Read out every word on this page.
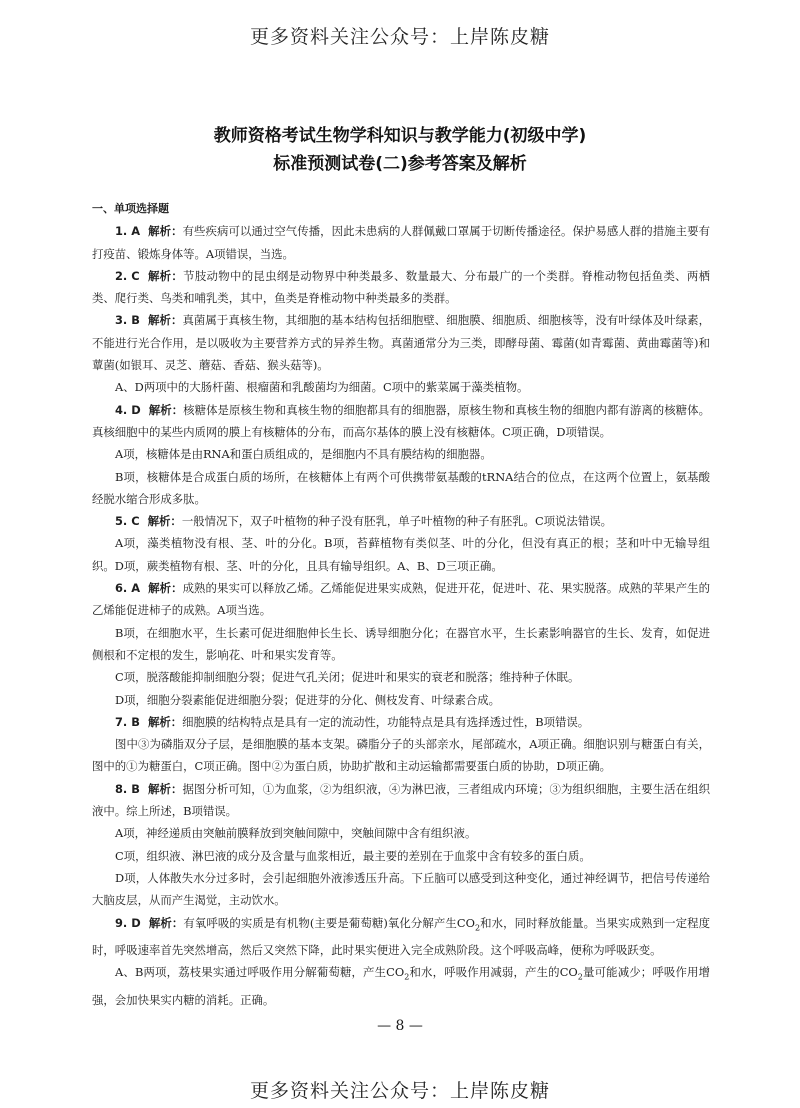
更多资料关注公众号：上岸陈皮糖
教师资格考试生物学科知识与教学能力(初级中学)
标准预测试卷(二)参考答案及解析
一、单项选择题
1. A 解析：有些疾病可以通过空气传播，因此未患病的人群佩戴口罩属于切断传播途径。保护易感人群的措施主要有打疫苗、锻炼身体等。A项错误，当选。
2. C 解析：节肢动物中的昆虫纲是动物界中种类最多、数量最大、分布最广的一个类群。脊椎动物包括鱼类、两栖类、爬行类、鸟类和哺乳类，其中，鱼类是脊椎动物中种类最多的类群。
3. B 解析：真菌属于真核生物，其细胞的基本结构包括细胞壁、细胞膜、细胞质、细胞核等，没有叶绿体及叶绿素，不能进行光合作用，是以吸收为主要营养方式的异养生物。真菌通常分为三类，即酵母菌、霉菌(如青霉菌、黄曲霉菌等)和蕈菌(如银耳、灵芝、蘑菇、香菇、猴头菇等)。
A、D两项中的大肠杆菌、根瘤菌和乳酸菌均为细菌。C项中的紫菜属于藻类植物。
4. D 解析：核糖体是原核生物和真核生物的细胞都具有的细胞器，原核生物和真核生物的细胞内都有游离的核糖体。真核细胞中的某些内质网的膜上有核糖体的分布，而高尔基体的膜上没有核糖体。C项正确，D项错误。
A项，核糖体是由RNA和蛋白质组成的，是细胞内不具有膜结构的细胞器。
B项，核糖体是合成蛋白质的场所，在核糖体上有两个可供携带氨基酸的tRNA结合的位点，在这两个位置上，氨基酸经脱水缩合形成多肽。
5. C 解析：一般情况下，双子叶植物的种子没有胚乳，单子叶植物的种子有胚乳。C项说法错误。
A项，藻类植物没有根、茎、叶的分化。B项，苔藓植物有类似茎、叶的分化，但没有真正的根；茎和叶中无输导组织。D项，蕨类植物有根、茎、叶的分化，且具有输导组织。A、B、D三项正确。
6. A 解析：成熟的果实可以释放乙烯。乙烯能促进果实成熟，促进开花，促进叶、花、果实脱落。成熟的苹果产生的乙烯能促进柿子的成熟。A项当选。
B项，在细胞水平，生长素可促进细胞伸长生长、诱导细胞分化；在器官水平，生长素影响器官的生长、发育，如促进侧根和不定根的发生，影响花、叶和果实发育等。
C项，脱落酸能抑制细胞分裂；促进气孔关闭；促进叶和果实的衰老和脱落；维持种子休眠。
D项，细胞分裂素能促进细胞分裂；促进芽的分化、侧枝发育、叶绿素合成。
7. B 解析：细胞膜的结构特点是具有一定的流动性，功能特点是具有选择透过性，B项错误。
图中③为磷脂双分子层，是细胞膜的基本支架。磷脂分子的头部亲水，尾部疏水，A项正确。细胞识别与糖蛋白有关，图中的①为糖蛋白，C项正确。图中②为蛋白质，协助扩散和主动运输都需要蛋白质的协助，D项正确。
8. B 解析：据图分析可知，①为血浆，②为组织液，④为淋巴液，三者组成内环境；③为组织细胞，主要生活在组织液中。综上所述，B项错误。
A项，神经递质由突触前膜释放到突触间隙中，突触间隙中含有组织液。
C项，组织液、淋巴液的成分及含量与血浆相近，最主要的差别在于血浆中含有较多的蛋白质。
D项，人体散失水分过多时，会引起细胞外液渗透压升高。下丘脑可以感受到这种变化，通过神经调节，把信号传递给大脑皮层，从而产生渴觉，主动饮水。
9. D 解析：有氧呼吸的实质是有机物(主要是葡萄糖)氧化分解产生$CO_2$和水，同时释放能量。当果实成熟到一定程度时，呼吸速率首先突然增高，然后又突然下降，此时果实便进入完全成熟阶段。这个呼吸高峰，便称为呼吸跃变。
A、B两项，荔枝果实通过呼吸作用分解葡萄糖，产生$CO_2$和水，呼吸作用减弱，产生的$CO_2$量可能减少；呼吸作用增强，会加快果实内糖的消耗。正确。
— 8 —
更多资料关注公众号：上岸陈皮糖
